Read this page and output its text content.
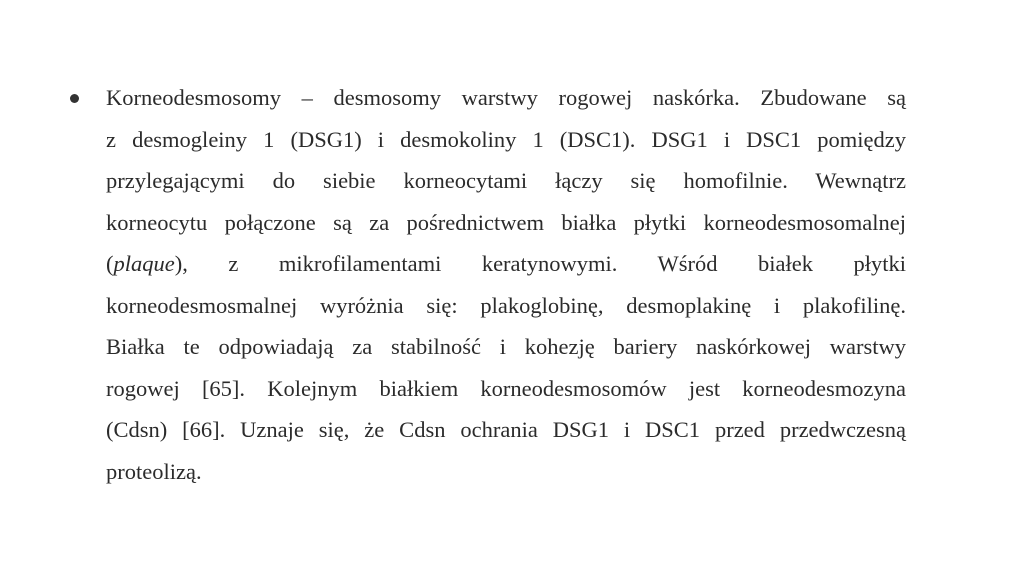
Korneodesmosomy – desmosomy warstwy rogowej naskórka. Zbudowane są
z desmogleiny 1 (DSG1) i desmokoliny 1 (DSC1). DSG1 i DSC1 pomiędzy
przylegającymi do siebie korneocytami łączy się homofilnie. Wewnątrz
korneocytu połączone są za pośrednictwem białka płytki korneodesmosomalnej
(plaque), z mikrofilamentami keratynowymi. Wśród białek płytki
korneodesmosmalnej wyróżnia się: plakoglobinę, desmoplakinę i plakofilinę.
Białka te odpowiadają za stabilność i kohezję bariery naskórkowej warstwy
rogowej [65]. Kolejnym białkiem korneodesmosomów jest korneodesmozyna
(Cdsn) [66]. Uznaje się, że Cdsn ochrania DSG1 i DSC1 przed przedwczesną
proteolizą.
